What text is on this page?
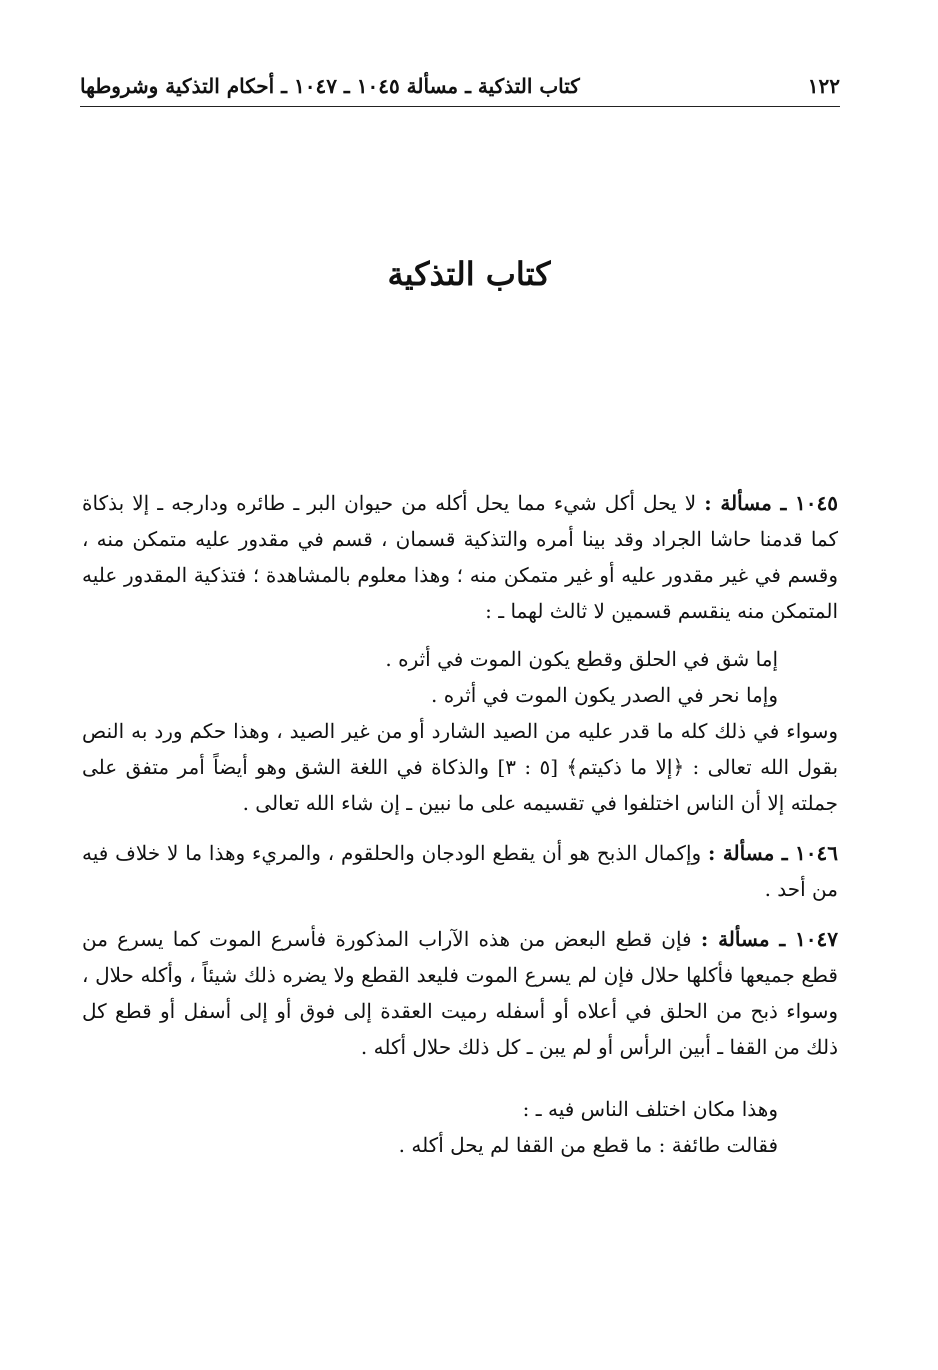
١٢٢
كتاب التذكية ـ مسألة ١٠٤٥ ـ ١٠٤٧ ـ أحكام التذكية وشروطها
كتاب التذكية

١٠٤٥ ـ مسألة : لا يحل أكل شيء مما يحل أكله من حيوان البر ـ طائره ودارجه ـ إلا بذكاة كما قدمنا حاشا الجراد وقد بينا أمره والتذكية قسمان ، قسم في مقدور عليه متمكن منه ، وقسم في غير مقدور عليه أو غير متمكن منه ؛ وهذا معلوم بالمشاهدة ؛ فتذكية المقدور عليه المتمكن منه ينقسم قسمين لا ثالث لهما ـ :

إما شق في الحلق وقطع يكون الموت في أثره .

وإما نحر في الصدر يكون الموت في أثره .

وسواء في ذلك كله ما قدر عليه من الصيد الشارد أو من غير الصيد ، وهذا حكم ورد به النص بقول الله تعالى : ﴿إلا ما ذكيتم﴾ [٥ : ٣] والذكاة في اللغة الشق وهو أيضاً أمر متفق على جملته إلا أن الناس اختلفوا في تقسيمه على ما نبين ـ إن شاء الله تعالى .

١٠٤٦ ـ مسألة : وإكمال الذبح هو أن يقطع الودجان والحلقوم ، والمريء وهذا ما لا خلاف فيه من أحد .

١٠٤٧ ـ مسألة : فإن قطع البعض من هذه الآراب المذكورة فأسرع الموت كما يسرع من قطع جميعها فأكلها حلال فإن لم يسرع الموت فليعد القطع ولا يضره ذلك شيئاً ، وأكله حلال ، وسواء ذبح من الحلق في أعلاه أو أسفله رميت العقدة إلى فوق أو إلى أسفل أو قطع كل ذلك من القفا ـ أبين الرأس أو لم يبن ـ كل ذلك حلال أكله .

وهذا مكان اختلف الناس فيه ـ :

فقالت طائفة : ما قطع من القفا لم يحل أكله .
